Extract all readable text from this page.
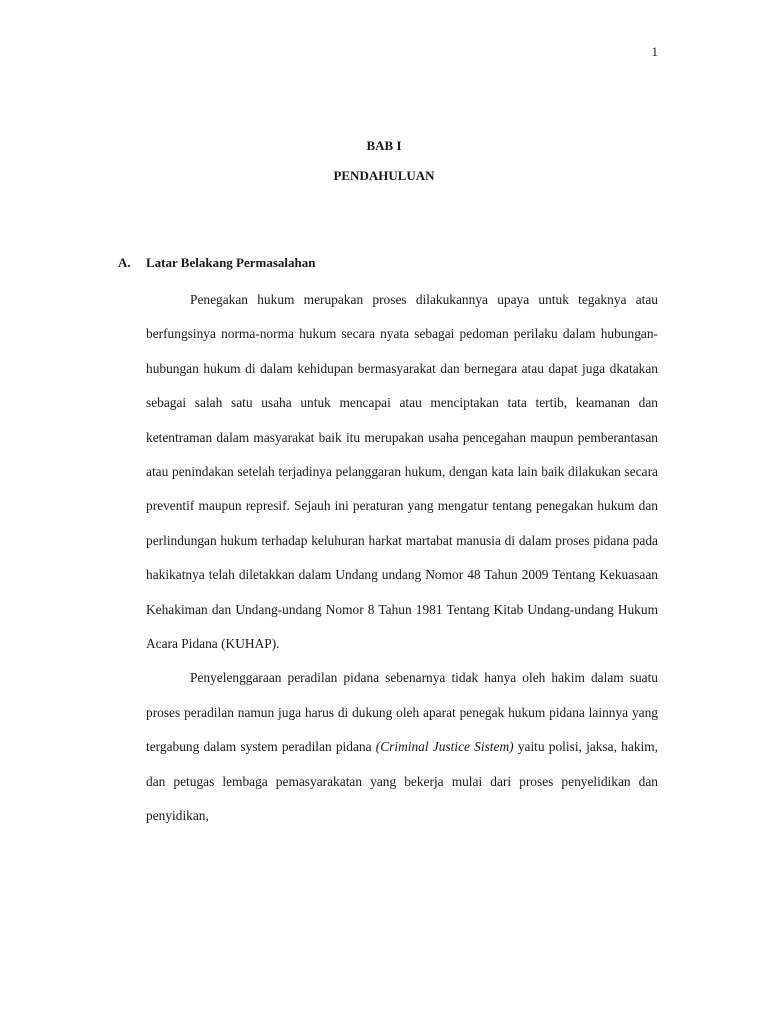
1
BAB I
PENDAHULUAN
A. Latar Belakang Permasalahan

Penegakan hukum merupakan proses dilakukannya upaya untuk tegaknya atau berfungsinya norma-norma hukum secara nyata sebagai pedoman perilaku dalam hubungan-hubungan hukum di dalam kehidupan bermasyarakat dan bernegara atau dapat juga dkatakan sebagai salah satu usaha untuk mencapai atau menciptakan tata tertib, keamanan dan ketentraman dalam masyarakat baik itu merupakan usaha pencegahan maupun pemberantasan atau penindakan setelah terjadinya pelanggaran hukum, dengan kata lain baik dilakukan secara preventif maupun represif. Sejauh ini peraturan yang mengatur tentang penegakan hukum dan perlindungan hukum terhadap keluhuran harkat martabat manusia di dalam proses pidana pada hakikatnya telah diletakkan dalam Undang undang Nomor 48 Tahun 2009 Tentang Kekuasaan Kehakiman dan Undang-undang Nomor 8 Tahun 1981 Tentang Kitab Undang-undang Hukum Acara Pidana (KUHAP).

Penyelenggaraan peradilan pidana sebenarnya tidak hanya oleh hakim dalam suatu proses peradilan namun juga harus di dukung oleh aparat penegak hukum pidana lainnya yang tergabung dalam system peradilan pidana (Criminal Justice Sistem) yaitu polisi, jaksa, hakim, dan petugas lembaga pemasyarakatan yang bekerja mulai dari proses penyelidikan dan penyidikan,
